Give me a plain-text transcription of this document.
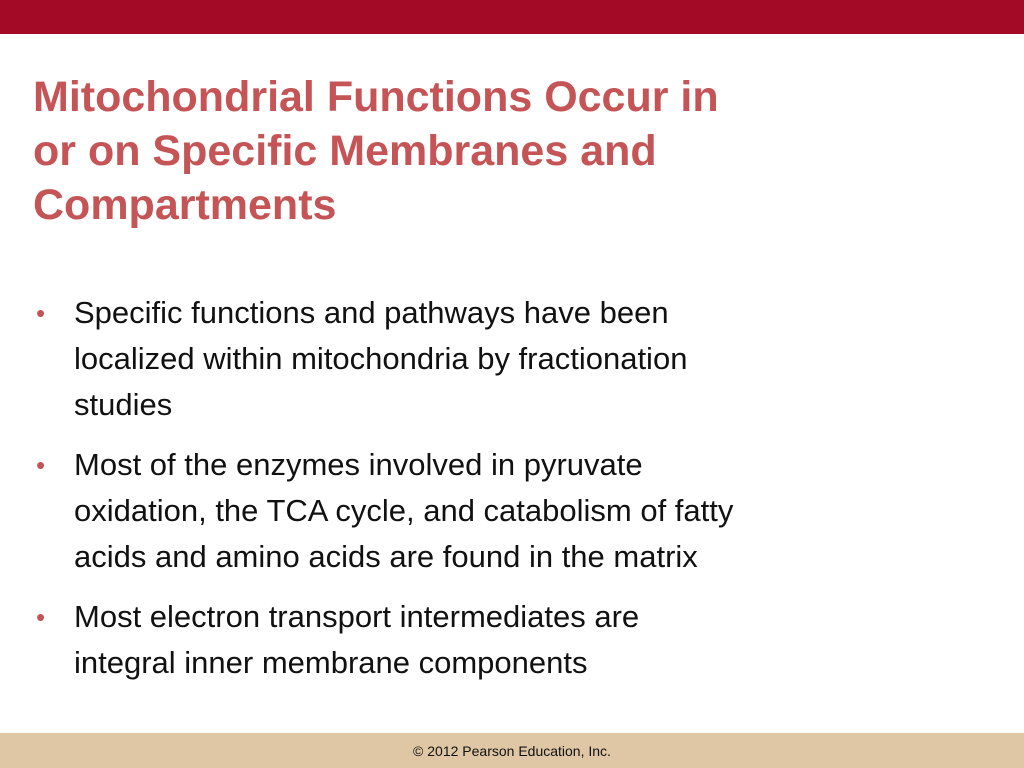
Mitochondrial Functions Occur in
or on Specific Membranes and
Compartments
• Specific functions and pathways have been
localized within mitochondria by fractionation
studies
• Most of the enzymes involved in pyruvate
oxidation, the TCA cycle, and catabolism of fatty
acids and amino acids are found in the matrix
• Most electron transport intermediates are
integral inner membrane components
© 2012 Pearson Education, Inc.
